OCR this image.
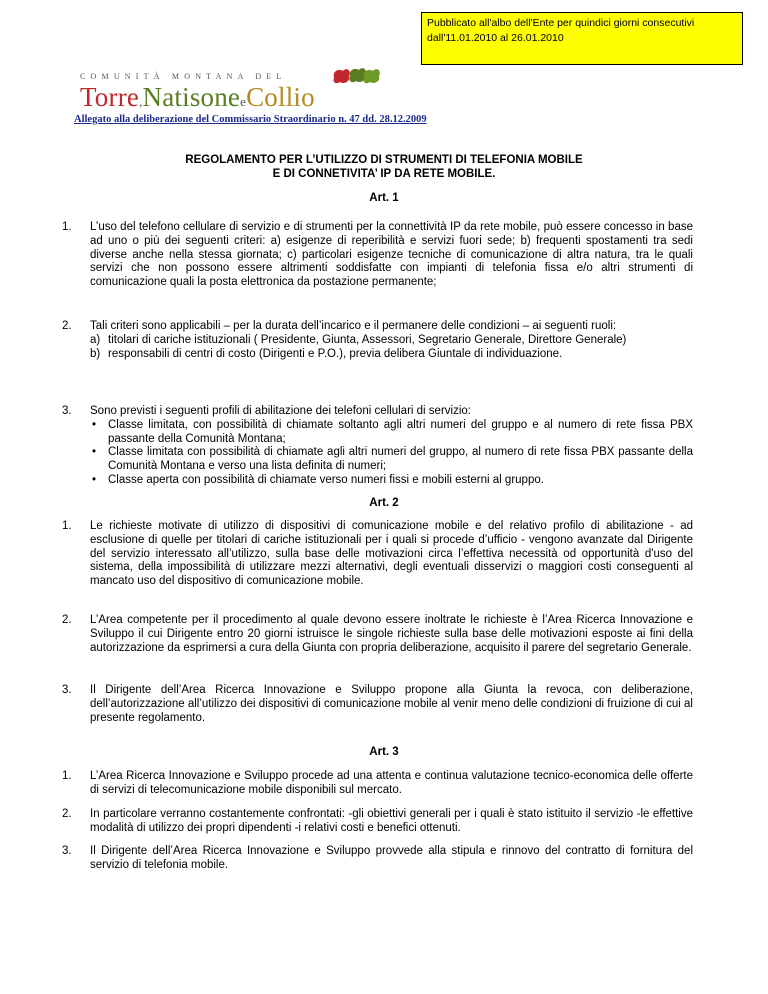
Pubblicato all'albo dell'Ente per quindici giorni consecutivi
dall'11.01.2010 al 26.01.2010
COMUNITÀ MONTANA DEL
Torre,NatisoneeCollio
Allegato alla deliberazione del Commissario Straordinario n. 47 dd. 28.12.2009
REGOLAMENTO PER L’UTILIZZO DI STRUMENTI DI TELEFONIA MOBILE
E DI CONNETIVITA’ IP DA RETE MOBILE.
Art. 1
1. L’uso del telefono cellulare di servizio e di strumenti per la connettività IP da rete mobile, può essere concesso in base ad uno o più dei seguenti criteri: a) esigenze di reperibilità e servizi fuori sede; b) frequenti spostamenti tra sedi diverse anche nella stessa giornata; c) particolari esigenze tecniche di comunicazione di altra natura, tra le quali servizi che non possono essere altrimenti soddisfatte con impianti di telefonia fissa e/o altri strumenti di comunicazione quali la posta elettronica da postazione permanente;

2. Tali criteri sono applicabili – per la durata dell’incarico e il permanere delle condizioni – ai seguenti ruoli:

a) titolari di cariche istituzionali ( Presidente, Giunta, Assessori, Segretario Generale, Direttore Generale)
b) responsabili di centri di costo (Dirigenti e P.O.), previa delibera Giuntale di individuazione.
3. Sono previsti i seguenti profili di abilitazione dei telefoni cellulari di servizio:

• Classe limitata, con possibilità di chiamate soltanto agli altri numeri del gruppo e al numero di rete fissa PBX passante della Comunità Montana;
• Classe limitata con possibilità di chiamate agli altri numeri del gruppo, al numero di rete fissa PBX passante della Comunità Montana e verso una lista definita di numeri;
• Classe aperta con possibilità di chiamate verso numeri fissi e mobili esterni al gruppo.
Art. 2
1. Le richieste motivate di utilizzo di dispositivi di comunicazione mobile e del relativo profilo di abilitazione - ad esclusione di quelle per titolari di cariche istituzionali per i quali si procede d’ufficio - vengono avanzate dal Dirigente del servizio interessato all’utilizzo, sulla base delle motivazioni circa l’effettiva necessità od opportunità d'uso del sistema, della impossibilità di utilizzare mezzi alternativi, degli eventuali disservizi o maggiori costi conseguenti al mancato uso del dispositivo di comunicazione mobile.

2. L’Area competente per il procedimento al quale devono essere inoltrate le richieste è l’Area Ricerca Innovazione e Sviluppo il cui Dirigente entro 20 giorni istruisce le singole richieste sulla base delle motivazioni esposte ai fini della autorizzazione da esprimersi a cura della Giunta con propria deliberazione, acquisito il parere del segretario Generale.

3. Il Dirigente dell’Area Ricerca Innovazione e Sviluppo propone alla Giunta la revoca, con deliberazione, dell’autorizzazione all’utilizzo dei dispositivi di comunicazione mobile al venir meno delle condizioni di fruizione di cui al presente regolamento.

Art. 3
1. L’Area Ricerca Innovazione e Sviluppo procede ad una attenta e continua valutazione tecnico-economica delle offerte di servizi di telecomunicazione mobile disponibili sul mercato.

2. In particolare verranno costantemente confrontati: -gli obiettivi generali per i quali è stato istituito il servizio -le effettive modalità di utilizzo dei propri dipendenti -i relativi costi e benefici ottenuti.

3. Il Dirigente dell’Area Ricerca Innovazione e Sviluppo provvede alla stipula e rinnovo del contratto di fornitura del servizio di telefonia mobile.
